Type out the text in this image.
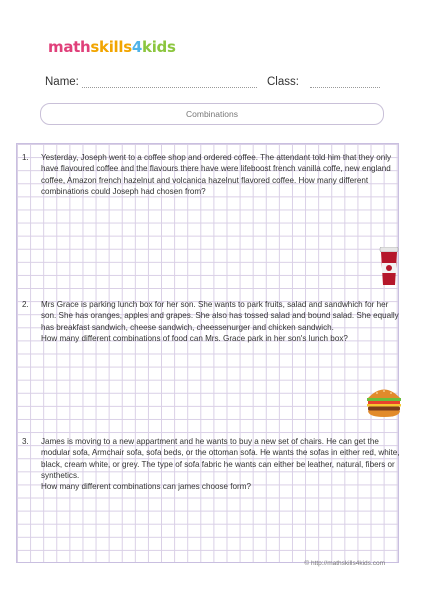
mathskills4kids
Name:	Class:
Combinations
1.	Yesterday, Joseph went to a coffee shop and ordered coffee. The attendant told him that they only have flavoured coffee and the flavours there have were lifeboost french vanilla coffe, new england coffee, Amazon french hazelnut and volcanica hazelnut flavored coffee. How many different combinations could Joseph had chosen from?
2.	Mrs Grace is parking lunch box for her son. She wants to park fruits, salad and sandwhich for her son. She has oranges, apples and grapes. She also has tossed salad and bound salad. She equally has breakfast sandwich, cheese sandwich, cheessenurger and chicken sandwich.
How many different combinations of food can Mrs. Grace park in her son's lunch box?
3.	James is moving to a new appartment and he wants to buy a new set of chairs. He can get the modular sofa, Armchair sofa, sofa beds, or the ottoman sofa. He wants the sofas in either red, white, black, cream white, or grey. The type of sofa fabric he wants can either be leather, natural, fibers or synthetics.
How many different combinations can james choose form?
© http://mathskills4kids.com
